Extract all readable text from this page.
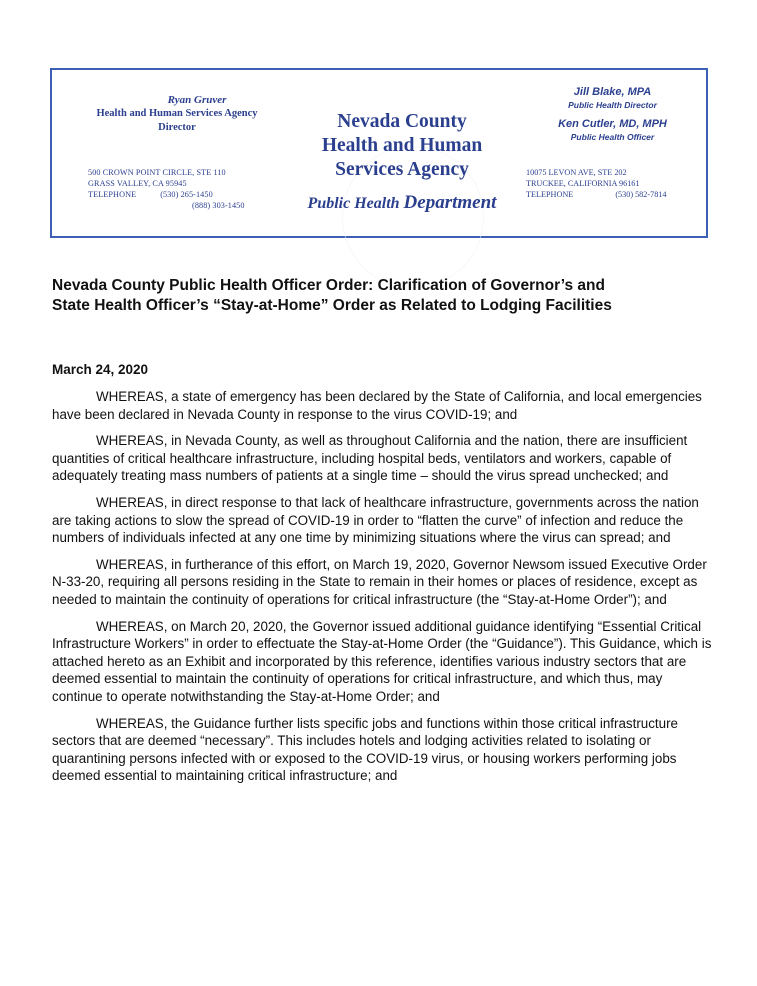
Ryan Gruver
Health and Human Services Agency
Director
500 CROWN POINT CIRCLE, STE 110
GRASS VALLEY, CA 95945
TELEPHONE	(530) 265-1450
(888) 303-1450
Nevada County
Health and Human
Services Agency
Public Health Department
Jill Blake, MPA
Public Health Director
Ken Cutler, MD, MPH
Public Health Officer
10075 LEVON AVE, STE 202
TRUCKEE, CALIFORNIA 96161
TELEPHONE	(530) 582-7814
Nevada County Public Health Officer Order: Clarification of Governor’s and
State Health Officer’s “Stay-at-Home” Order as Related to Lodging Facilities
March 24, 2020

WHEREAS, a state of emergency has been declared by the State of California, and local emergencies have been declared in Nevada County in response to the virus COVID-19; and

WHEREAS, in Nevada County, as well as throughout California and the nation, there are insufficient quantities of critical healthcare infrastructure, including hospital beds, ventilators and workers, capable of adequately treating mass numbers of patients at a single time – should the virus spread unchecked; and

WHEREAS, in direct response to that lack of healthcare infrastructure, governments across the nation are taking actions to slow the spread of COVID-19 in order to “flatten the curve” of infection and reduce the numbers of individuals infected at any one time by minimizing situations where the virus can spread; and

WHEREAS, in furtherance of this effort, on March 19, 2020, Governor Newsom issued Executive Order N-33-20, requiring all persons residing in the State to remain in their homes or places of residence, except as needed to maintain the continuity of operations for critical infrastructure (the “Stay-at-Home Order”); and

WHEREAS, on March 20, 2020, the Governor issued additional guidance identifying “Essential Critical Infrastructure Workers” in order to effectuate the Stay-at-Home Order (the “Guidance”). This Guidance, which is attached hereto as an Exhibit and incorporated by this reference, identifies various industry sectors that are deemed essential to maintain the continuity of operations for critical infrastructure, and which thus, may continue to operate notwithstanding the Stay-at-Home Order; and

WHEREAS, the Guidance further lists specific jobs and functions within those critical infrastructure sectors that are deemed “necessary”. This includes hotels and lodging activities related to isolating or quarantining persons infected with or exposed to the COVID-19 virus, or housing workers performing jobs deemed essential to maintaining critical infrastructure; and
